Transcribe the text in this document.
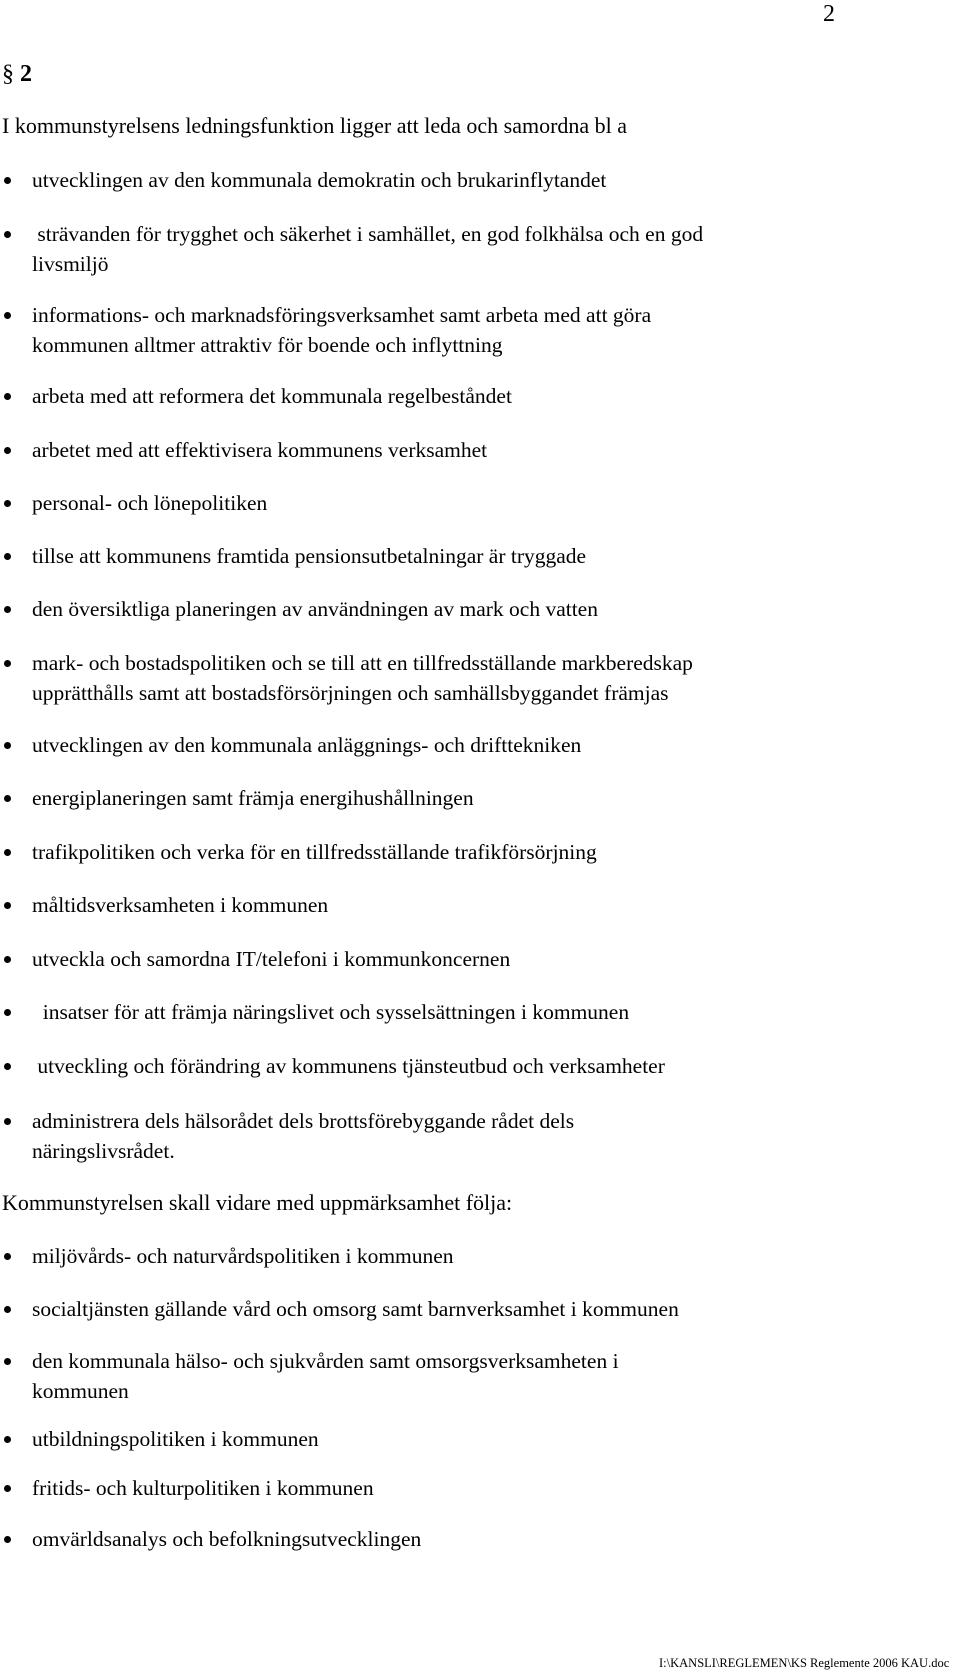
2
§ 2
I kommunstyrelsens ledningsfunktion ligger att leda och samordna bl a
utvecklingen av den kommunala demokratin och brukarinflytandet
strävanden för trygghet och säkerhet i samhället, en god folkhälsa och en god
livsmiljö
informations- och marknadsföringsverksamhet samt arbeta med att göra
kommunen alltmer attraktiv för boende och inflyttning
arbeta med att reformera det kommunala regelbeståndet
arbetet med att effektivisera kommunens verksamhet
personal- och lönepolitiken
tillse att kommunens framtida pensionsutbetalningar är tryggade
den översiktliga planeringen av användningen av mark och vatten
mark- och bostadspolitiken och se till att en tillfredsställande markberedskap
upprätthålls samt att bostadsförsörjningen och samhällsbyggandet främjas
utvecklingen av den kommunala anläggnings- och drifttekniken
energiplaneringen samt främja energihushållningen
trafikpolitiken och verka för en tillfredsställande trafikförsörjning
måltidsverksamheten i kommunen
utveckla och samordna IT/telefoni i kommunkoncernen
insatser för att främja näringslivet och sysselsättningen i kommunen
utveckling och förändring av kommunens tjänsteutbud och verksamheter
administrera dels hälsorådet dels brottsförebyggande rådet dels
näringslivsrådet.
Kommunstyrelsen skall vidare med uppmärksamhet följa:
miljövårds- och naturvårdspolitiken i kommunen
socialtjänsten gällande vård och omsorg samt barnverksamhet i kommunen
den kommunala hälso- och sjukvården samt omsorgsverksamheten i
kommunen
utbildningspolitiken i kommunen
fritids- och kulturpolitiken i kommunen
omvärldsanalys och befolkningsutvecklingen
I:\KANSLI\REGLEMEN\KS Reglemente 2006 KAU.doc
